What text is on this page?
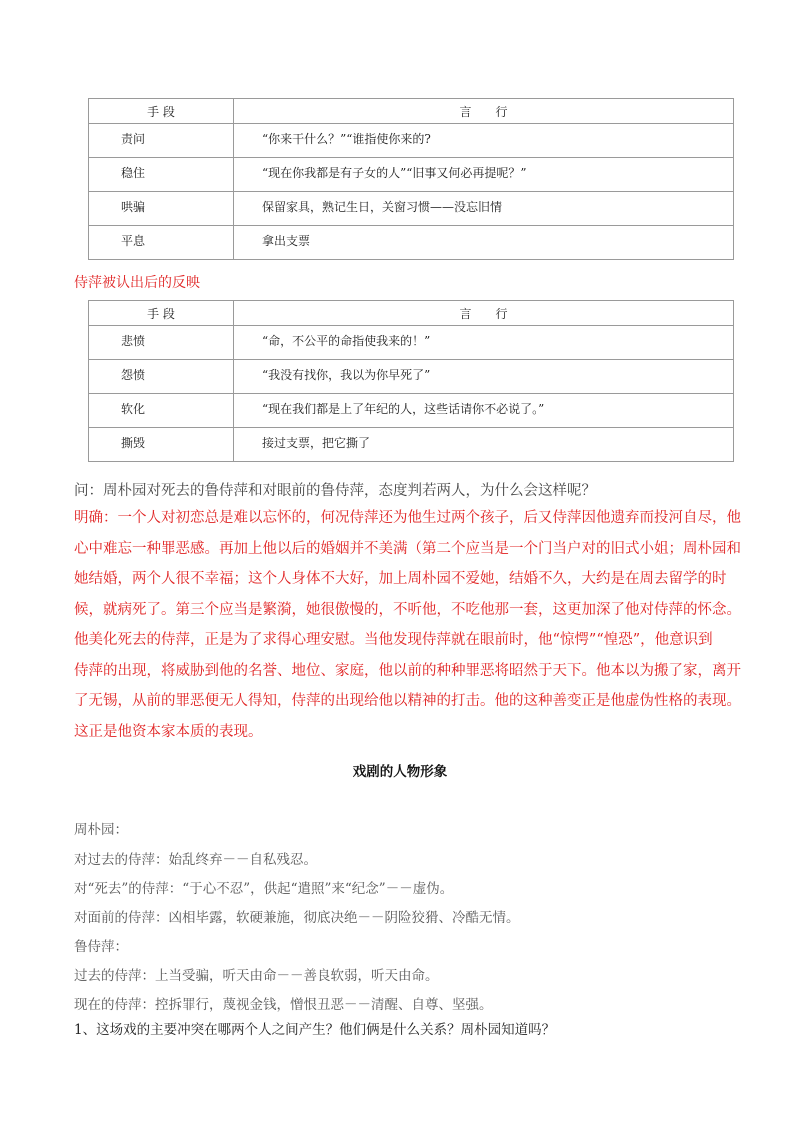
手 段	言　　行

责问	“你来干什么？”“谁指使你来的?

稳住	“现在你我都是有子女的人”“旧事又何必再提呢？”

哄骗	保留家具，熟记生日，关窗习惯——没忘旧情

平息	拿出支票
侍萍被认出后的反映
手 段	言　　行

悲愤	“命，不公平的命指使我来的！”

怨愤	“我没有找你，我以为你早死了”

软化	“现在我们都是上了年纪的人，这些话请你不必说了。”

撕毁	接过支票，把它撕了
问：周朴园对死去的鲁侍萍和对眼前的鲁侍萍，态度判若两人，为什么会这样呢？
明确：一个人对初恋总是难以忘怀的，何况侍萍还为他生过两个孩子，后又侍萍因他遗弃而投河自尽，他
心中难忘一种罪恶感。再加上他以后的婚姻并不美满（第二个应当是一个门当户对的旧式小姐；周朴园和
她结婚，两个人很不幸福；这个人身体不大好，加上周朴园不爱她，结婚不久，大约是在周去留学的时
候，就病死了。第三个应当是繁漪，她很傲慢的，不听他，不吃他那一套，这更加深了他对侍萍的怀念。
他美化死去的侍萍，正是为了求得心理安慰。当他发现侍萍就在眼前时，他“惊愕”“惶恐”，他意识到
侍萍的出现，将威胁到他的名誉、地位、家庭，他以前的种种罪恶将昭然于天下。他本以为搬了家，离开
了无锡，从前的罪恶便无人得知，侍萍的出现给他以精神的打击。他的这种善变正是他虚伪性格的表现。
这正是他资本家本质的表现。
戏剧的人物形象
周朴园：
对过去的侍萍：始乱终弃－－自私残忍。
对“死去”的侍萍：“于心不忍”，供起“遣照”来“纪念”－－虚伪。
对面前的侍萍：凶相毕露，软硬兼施，彻底决绝－－阴险狡猾、冷酷无情。
鲁侍萍：
过去的侍萍：上当受骗，听天由命－－善良软弱，听天由命。
现在的侍萍：控拆罪行，蔑视金钱，憎恨丑恶－－清醒、自尊、坚强。
1、这场戏的主要冲突在哪两个人之间产生？他们俩是什么关系？周朴园知道吗？
